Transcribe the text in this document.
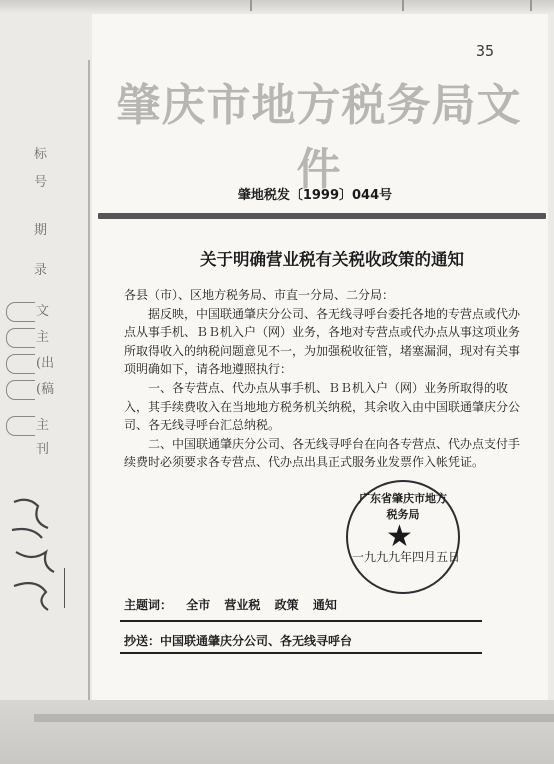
标
号
期
录
文
主
(出
(稿
主
刊
35
肇庆市地方税务局文件
肇地税发〔1999〕044号
关于明确营业税有关税收政策的通知

各县（市）、区地方税务局、市直一分局、二分局：

据反映，中国联通肇庆分公司、各无线寻呼台委托各地的专营点或代办点从事手机、ＢＢ机入户（网）业务，各地对专营点或代办点从事这项业务所取得收入的纳税问题意见不一，为加强税收征管，堵塞漏洞，现对有关事项明确如下，请各地遵照执行：

一、各专营点、代办点从事手机、ＢＢ机入户（网）业务所取得的收入，其手续费收入在当地地方税务机关纳税，其余收入由中国联通肇庆分公司、各无线寻呼台汇总纳税。

二、中国联通肇庆分公司、各无线寻呼台在向各专营点、代办点支付手续费时必须要求各专营点、代办点出具正式服务业发票作入帐凭证。

广东省肇庆市地方税务局
★
一九九九年四月五日
主题词： 全市 营业税 政策 通知
抄送：中国联通肇庆分公司、各无线寻呼台
